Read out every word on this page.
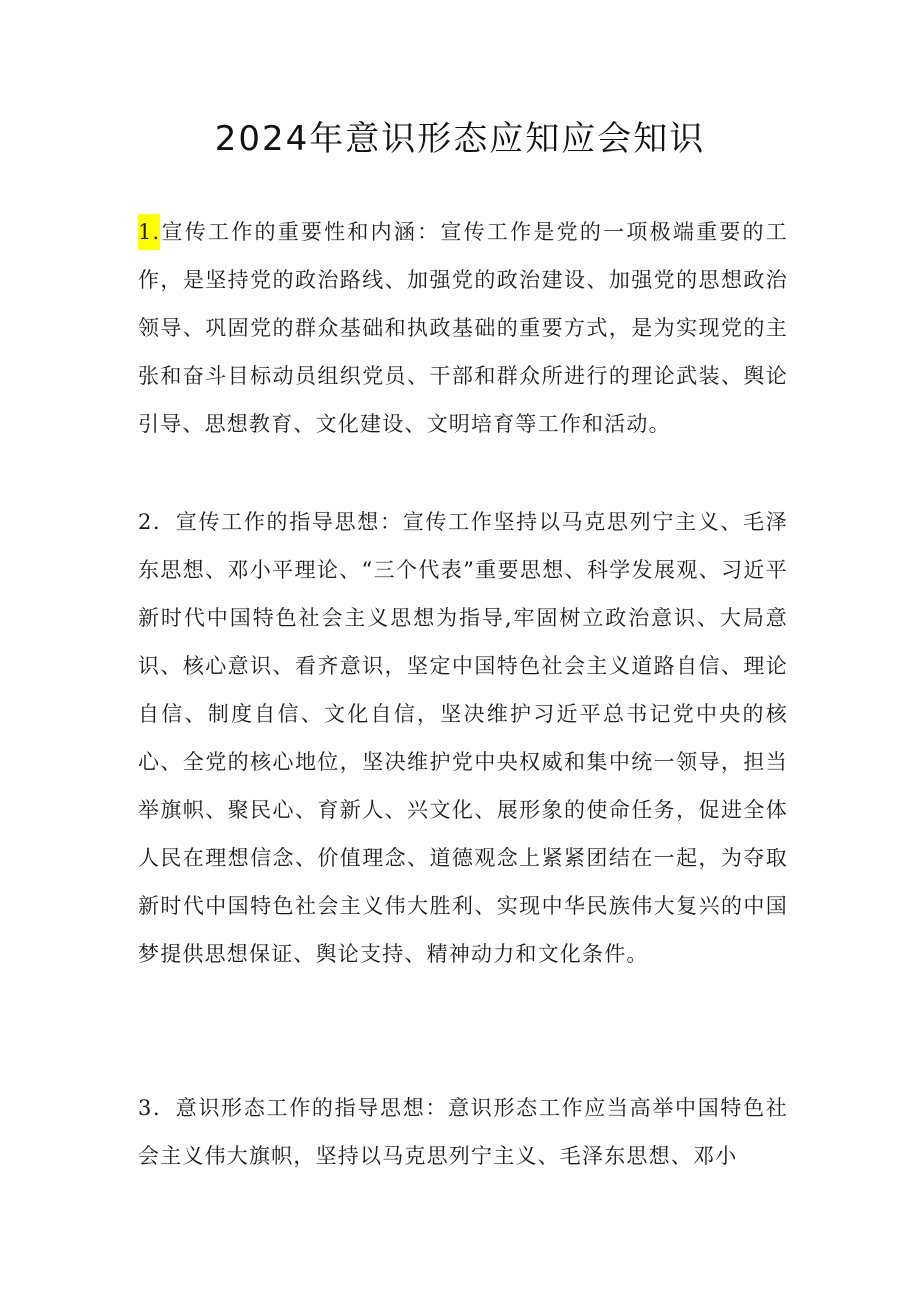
2024年意识形态应知应会知识

1.宣传工作的重要性和内涵：宣传工作是党的一项极端重要的工作，是坚持党的政治路线、加强党的政治建设、加强党的思想政治领导、巩固党的群众基础和执政基础的重要方式，是为实现党的主张和奋斗目标动员组织党员、干部和群众所进行的理论武装、舆论引导、思想教育、文化建设、文明培育等工作和活动。

2．宣传工作的指导思想：宣传工作坚持以马克思列宁主义、毛泽东思想、邓小平理论、“三个代表”重要思想、科学发展观、习近平新时代中国特色社会主义思想为指导,牢固树立政治意识、大局意识、核心意识、看齐意识，坚定中国特色社会主义道路自信、理论自信、制度自信、文化自信，坚决维护习近平总书记党中央的核心、全党的核心地位，坚决维护党中央权威和集中统一领导，担当举旗帜、聚民心、育新人、兴文化、展形象的使命任务，促进全体人民在理想信念、价值理念、道德观念上紧紧团结在一起，为夺取新时代中国特色社会主义伟大胜利、实现中华民族伟大复兴的中国梦提供思想保证、舆论支持、精神动力和文化条件。

3．意识形态工作的指导思想：意识形态工作应当高举中国特色社会主义伟大旗帜，坚持以马克思列宁主义、毛泽东思想、邓小
